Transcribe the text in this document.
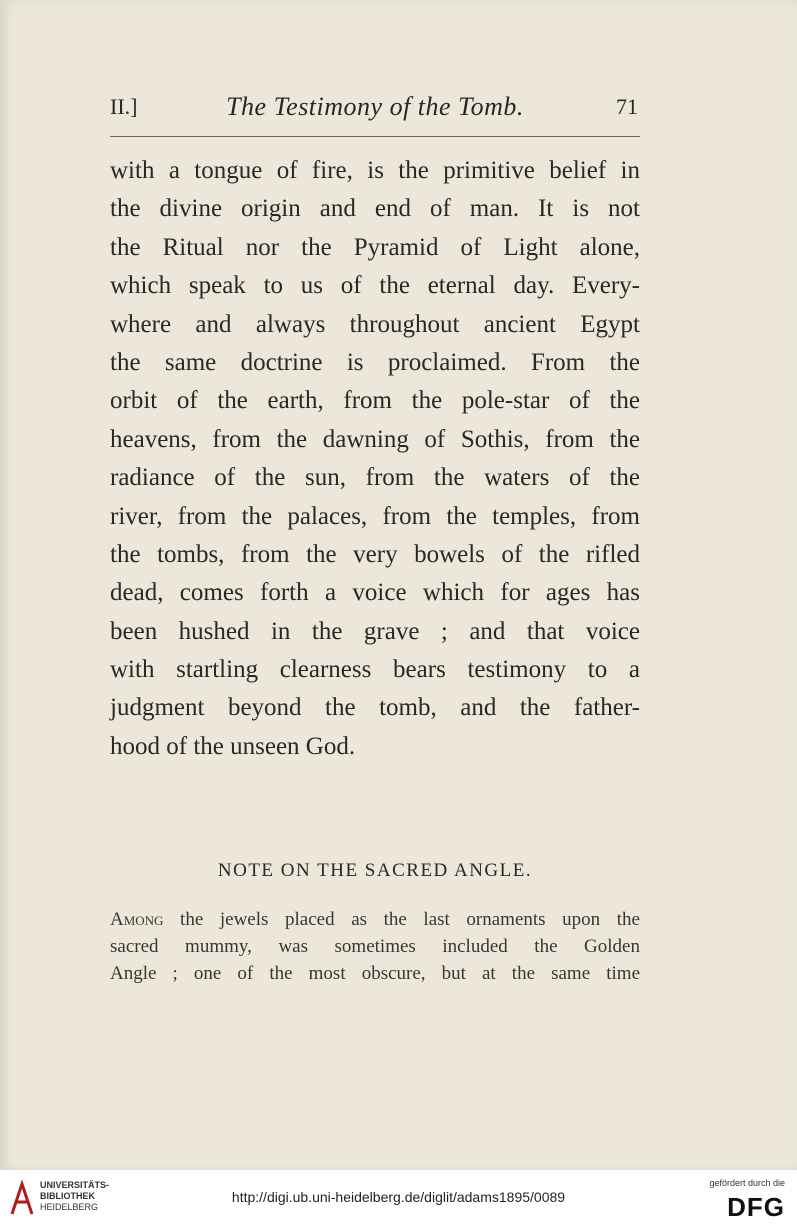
II.]	The Testimony of the Tomb.	71
with a tongue of fire, is the primitive belief in
the divine origin and end of man. It is not
the Ritual nor the Pyramid of Light alone,
which speak to us of the eternal day. Every-
where and always throughout ancient Egypt
the same doctrine is proclaimed. From the
orbit of the earth, from the pole-star of the
heavens, from the dawning of Sothis, from the
radiance of the sun, from the waters of the
river, from the palaces, from the temples, from
the tombs, from the very bowels of the rifled
dead, comes forth a voice which for ages has
been hushed in the grave ; and that voice
with startling clearness bears testimony to a
judgment beyond the tomb, and the father-
hood of the unseen God.
NOTE ON THE SACRED ANGLE.
Among the jewels placed as the last ornaments upon the
sacred mummy, was sometimes included the Golden
Angle ; one of the most obscure, but at the same time
UNIVERSITÄTS-
BIBLIOTHEK
HEIDELBERG
http://digi.ub.uni-heidelberg.de/diglit/adams1895/0089
gefördert durch die
DFG
